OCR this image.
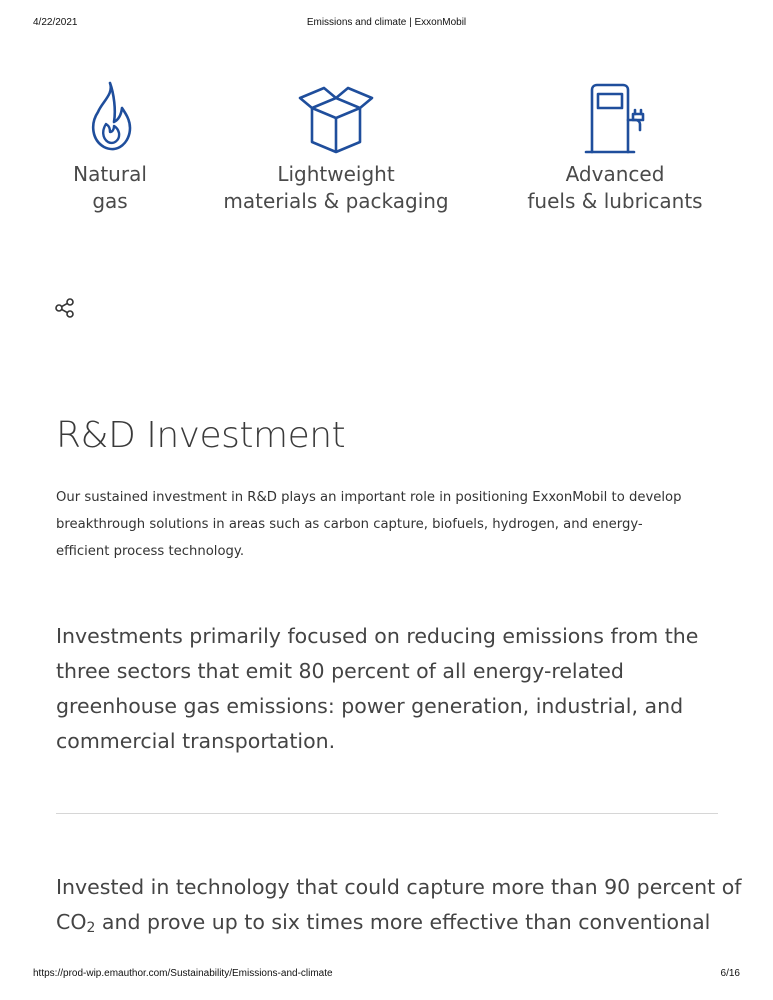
4/22/2021	Emissions and climate | ExxonMobil
Natural
gas
Lightweight
materials & packaging
Advanced
fuels & lubricants
R&D Investment

Our sustained investment in R&D plays an important role in positioning ExxonMobil to develop breakthrough solutions in areas such as carbon capture, biofuels, hydrogen, and energy-efficient process technology.

Investments primarily focused on reducing emissions from the three sectors that emit 80 percent of all energy-related greenhouse gas emissions: power generation, industrial, and commercial transportation.

Invested in technology that could capture more than 90 percent of $CO_2$ and prove up to six times more effective than conventional

https://prod-wip.emauthor.com/Sustainability/Emissions-and-climate	6/16
